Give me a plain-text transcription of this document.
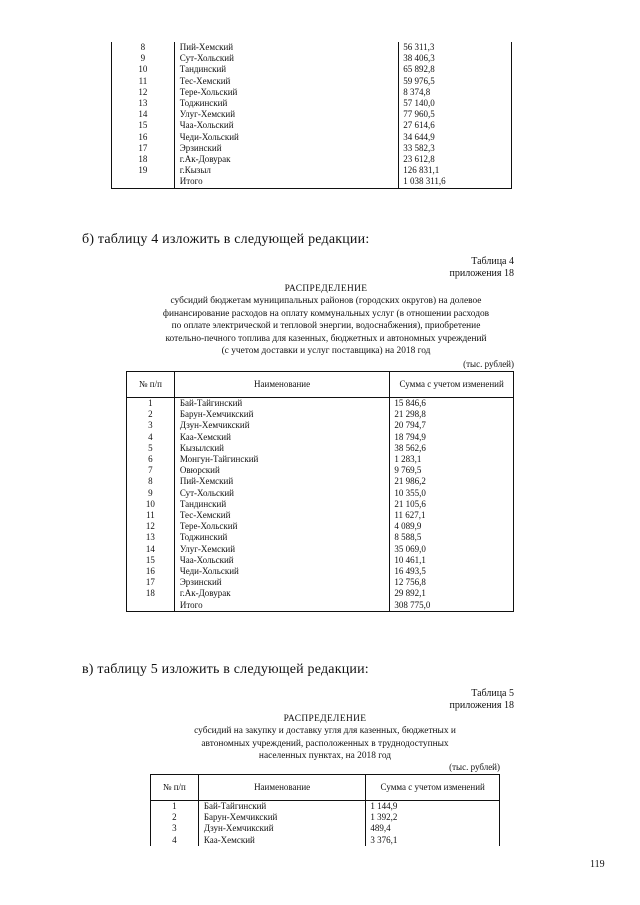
8	Пий-Хемский	56 311,3
9	Сут-Хольский	38 406,3
10	Тандинский	65 892,8
11	Тес-Хемский	59 976,5
12	Тере-Хольский	8 374,8
13	Тоджинский	57 140,0
14	Улуг-Хемский	77 960,5
15	Чаа-Хольский	27 614,6
16	Чеди-Хольский	34 644,9
17	Эрзинский	33 582,3
18	г.Ак-Довурак	23 612,8
19	г.Кызыл	126 831,1
	Итого	1 038 311,6
б) таблицу 4 изложить в следующей редакции:
Таблица 4
приложения 18
РАСПРЕДЕЛЕНИЕ
субсидий бюджетам муниципальных районов (городских округов) на долевое
финансирование расходов на оплату коммунальных услуг (в отношении расходов
по оплате электрической и тепловой энергии, водоснабжения), приобретение
котельно-печного топлива для казенных, бюджетных и автономных учреждений
(с учетом доставки и услуг поставщика) на 2018 год
(тыс. рублей)
№ п/п	Наименование	Сумма с учетом изменений
1	Бай-Тайгинский	15 846,6
2	Барун-Хемчикский	21 298,8
3	Дзун-Хемчикский	20 794,7
4	Каа-Хемский	18 794,9
5	Кызылский	38 562,6
6	Монгун-Тайгинский	1 283,1
7	Овюрский	9 769,5
8	Пий-Хемский	21 986,2
9	Сут-Хольский	10 355,0
10	Тандинский	21 105,6
11	Тес-Хемский	11 627,1
12	Тере-Хольский	4 089,9
13	Тоджинский	8 588,5
14	Улуг-Хемский	35 069,0
15	Чаа-Хольский	10 461,1
16	Чеди-Хольский	16 493,5
17	Эрзинский	12 756,8
18	г.Ак-Довурак	29 892,1
	Итого	308 775,0
в) таблицу 5 изложить в следующей редакции:
Таблица 5
приложения 18
РАСПРЕДЕЛЕНИЕ
субсидий на закупку и доставку угля для казенных, бюджетных и
автономных учреждений, расположенных в труднодоступных
населенных пунктах, на 2018 год
(тыс. рублей)
№ п/п	Наименование	Сумма с учетом изменений
1	Бай-Тайгинский	1 144,9
2	Барун-Хемчикский	1 392,2
3	Дзун-Хемчикский	489,4
4	Каа-Хемский	3 376,1
119
